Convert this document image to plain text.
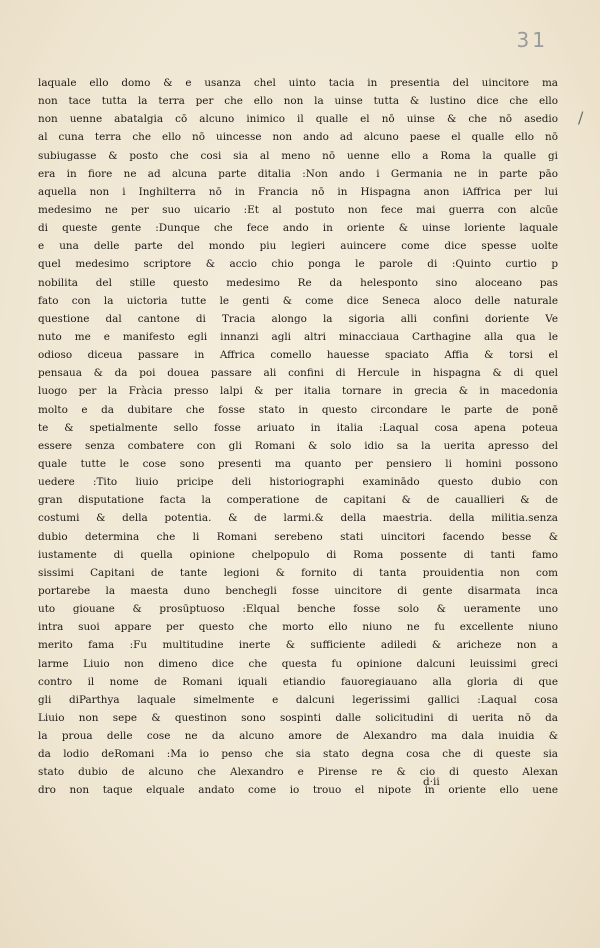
31
/
laquale ello domo & e usanza chel uinto tacia in presentia del uincitore ma
non tace tutta la terra per che ello non la uinse tutta & lustino dice che ello
non uenne abatalgia cō alcuno inimico il qualle el nō uinse & che nō asedio
al cuna terra che ello nō uincesse non ando ad alcuno paese el qualle ello nō
subiugasse & posto che cosi sia al meno nō uenne ello a Roma la qualle gi
era in fiore ne ad alcuna parte ditalia :Non ando i Germania ne in parte pāo
aquella non i Inghilterra nō in Francia nō in Hispagna anon iAffrica per lui
medesimo ne per suo uicario :Et al postuto non fece mai guerra con alcūe
di queste gente :Dunque che fece ando in oriente & uinse loriente laquale
e una delle parte del mondo piu legieri auincere come dice spesse uolte
quel medesimo scriptore & accio chio ponga le parole di :Quinto curtio p
nobilita del stille questo medesimo Re da helesponto sino aloceano pas
fato con la uictoria tutte le genti & come dice Seneca aloco delle naturale
questione dal cantone di Tracia alongo la sigoria alli confini doriente Ve
nuto me e manifesto egli innanzi agli altri minacciaua Carthagine alla qua le
odioso diceua passare in Affrica comello hauesse spaciato Affia & torsi el
pensaua & da poi douea passare ali confini di Hercule in hispagna & di quel
luogo per la Fràcia presso lalpi & per italia tornare in grecia & in macedonia
molto e da dubitare che fosse stato in questo circondare le parte de ponē
te & spetialmente sello fosse ariuato in italia :Laqual cosa apena poteua
essere senza combatere con gli Romani & solo idio sa la uerita apresso del
quale tutte le cose sono presenti ma quanto per pensiero li homini possono
uedere :Tito liuio pricipe deli historiographi examinādo questo dubio con
gran disputatione facta la comperatione de capitani & de cauallieri & de
costumi & della potentia. & de larmi.& della maestria. della militia.senza
dubio determina che li Romani serebeno stati uincitori facendo besse &
iustamente di quella opinione chelpopulo di Roma possente di tanti famo
sissimi Capitani de tante legioni & fornito di tanta prouidentia non com
portarebe la maesta duno benchegli fosse uincitore di gente disarmata inca
uto giouane & prosūptuoso :Elqual benche fosse solo & ueramente uno
intra suoi appare per questo che morto ello niuno ne fu excellente niuno
merito fama :Fu multitudine inerte & sufficiente adiledi & aricheze non a
larme Liuio non dimeno dice che questa fu opinione dalcuni leuissimi greci
contro il nome de Romani iquali etiandio fauoregiauano alla gloria di que
gli diParthya laquale simelmente e dalcuni legerissimi gallici :Laqual cosa
Liuio non sepe & questinon sono sospinti dalle solicitudini di uerita nō da
la proua delle cose ne da alcuno amore de Alexandro ma dala inuidia &
da lodio deRomani :Ma io penso che sia stato degna cosa che di queste sia
stato dubio de alcuno che Alexandro e Pirense re & cio di questo Alexan
dro non taque elquale andato come io trouo el nipote in oriente ello uene
d·ii
